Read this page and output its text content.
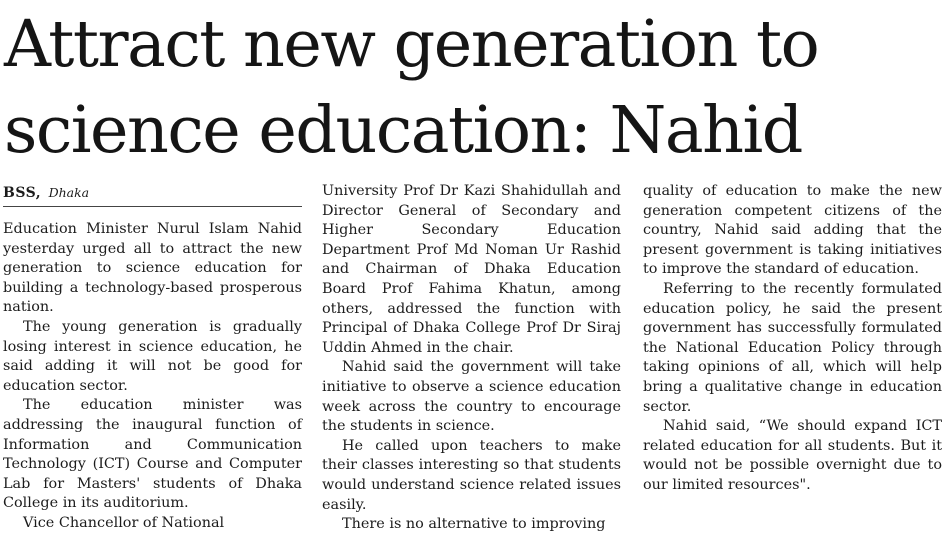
Attract new generation to
science education: Nahid
BSS, Dhaka

Education Minister Nurul Islam Nahid yesterday urged all to attract the new generation to science education for building a technology-based prosperous nation.

The young generation is gradually losing interest in science education, he said adding it will not be good for education sector.

The education minister was addressing the inaugural function of Information and Communication Technology (ICT) Course and Computer Lab for Masters' students of Dhaka College in its auditorium.

Vice Chancellor of National

University Prof Dr Kazi Shahidullah and Director General of Secondary and Higher Secondary Education Department Prof Md Noman Ur Rashid and Chairman of Dhaka Education Board Prof Fahima Khatun, among others, addressed the function with Principal of Dhaka College Prof Dr Siraj Uddin Ahmed in the chair.

Nahid said the government will take initiative to observe a science education week across the country to encourage the students in science.

He called upon teachers to make their classes interesting so that students would understand science related issues easily.

There is no alternative to improving

quality of education to make the new generation competent citizens of the country, Nahid said adding that the present government is taking initiatives to improve the standard of education.

Referring to the recently formulated education policy, he said the present government has successfully formulated the National Education Policy through taking opinions of all, which will help bring a qualitative change in education sector.

Nahid said, “We should expand ICT related education for all students. But it would not be possible overnight due to our limited resources".
